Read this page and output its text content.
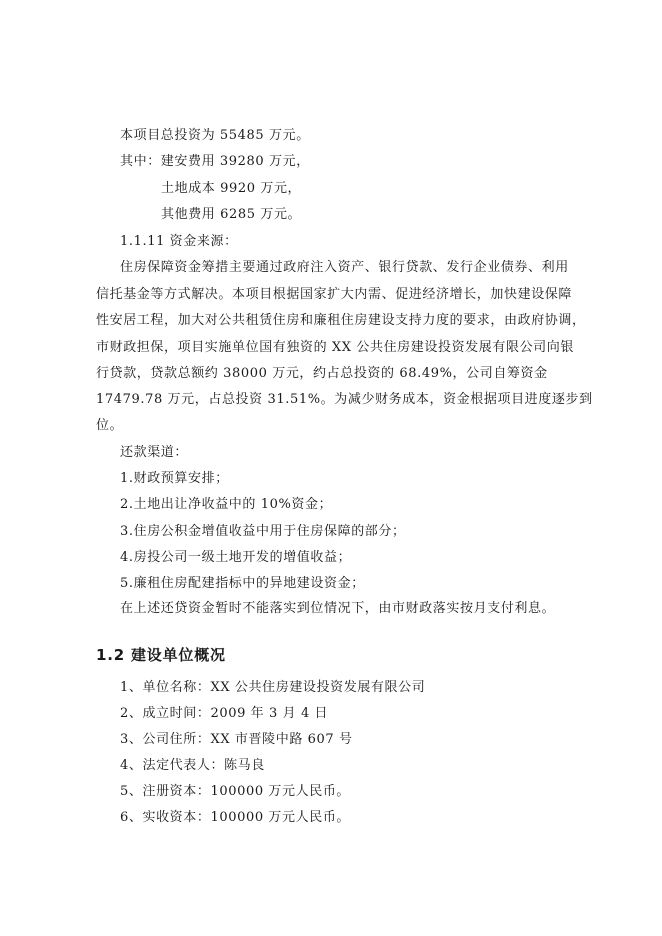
本项目总投资为 55485 万元。
其中：建安费用 39280 万元，
土地成本 9920 万元，
其他费用 6285 万元。
1.1.11 资金来源：
住房保障资金筹措主要通过政府注入资产、银行贷款、发行企业债券、利用
信托基金等方式解决。本项目根据国家扩大内需、促进经济增长，加快建设保障
性安居工程，加大对公共租赁住房和廉租住房建设支持力度的要求，由政府协调，
市财政担保，项目实施单位国有独资的 XX 公共住房建设投资发展有限公司向银
行贷款，贷款总额约 38000 万元，约占总投资的 68.49%，公司自筹资金
17479.78 万元，占总投资 31.51%。为减少财务成本，资金根据项目进度逐步到
位。
还款渠道：
1.财政预算安排；
2.土地出让净收益中的 10%资金；
3.住房公积金增值收益中用于住房保障的部分；
4.房投公司一级土地开发的增值收益；
5.廉租住房配建指标中的异地建设资金；
在上述还贷资金暂时不能落实到位情况下，由市财政落实按月支付利息。
1.2 建设单位概况
1、单位名称：XX 公共住房建设投资发展有限公司
2、成立时间：2009 年 3 月 4 日
3、公司住所：XX 市晋陵中路 607 号
4、法定代表人：陈马良
5、注册资本：100000 万元人民币。
6、实收资本：100000 万元人民币。
